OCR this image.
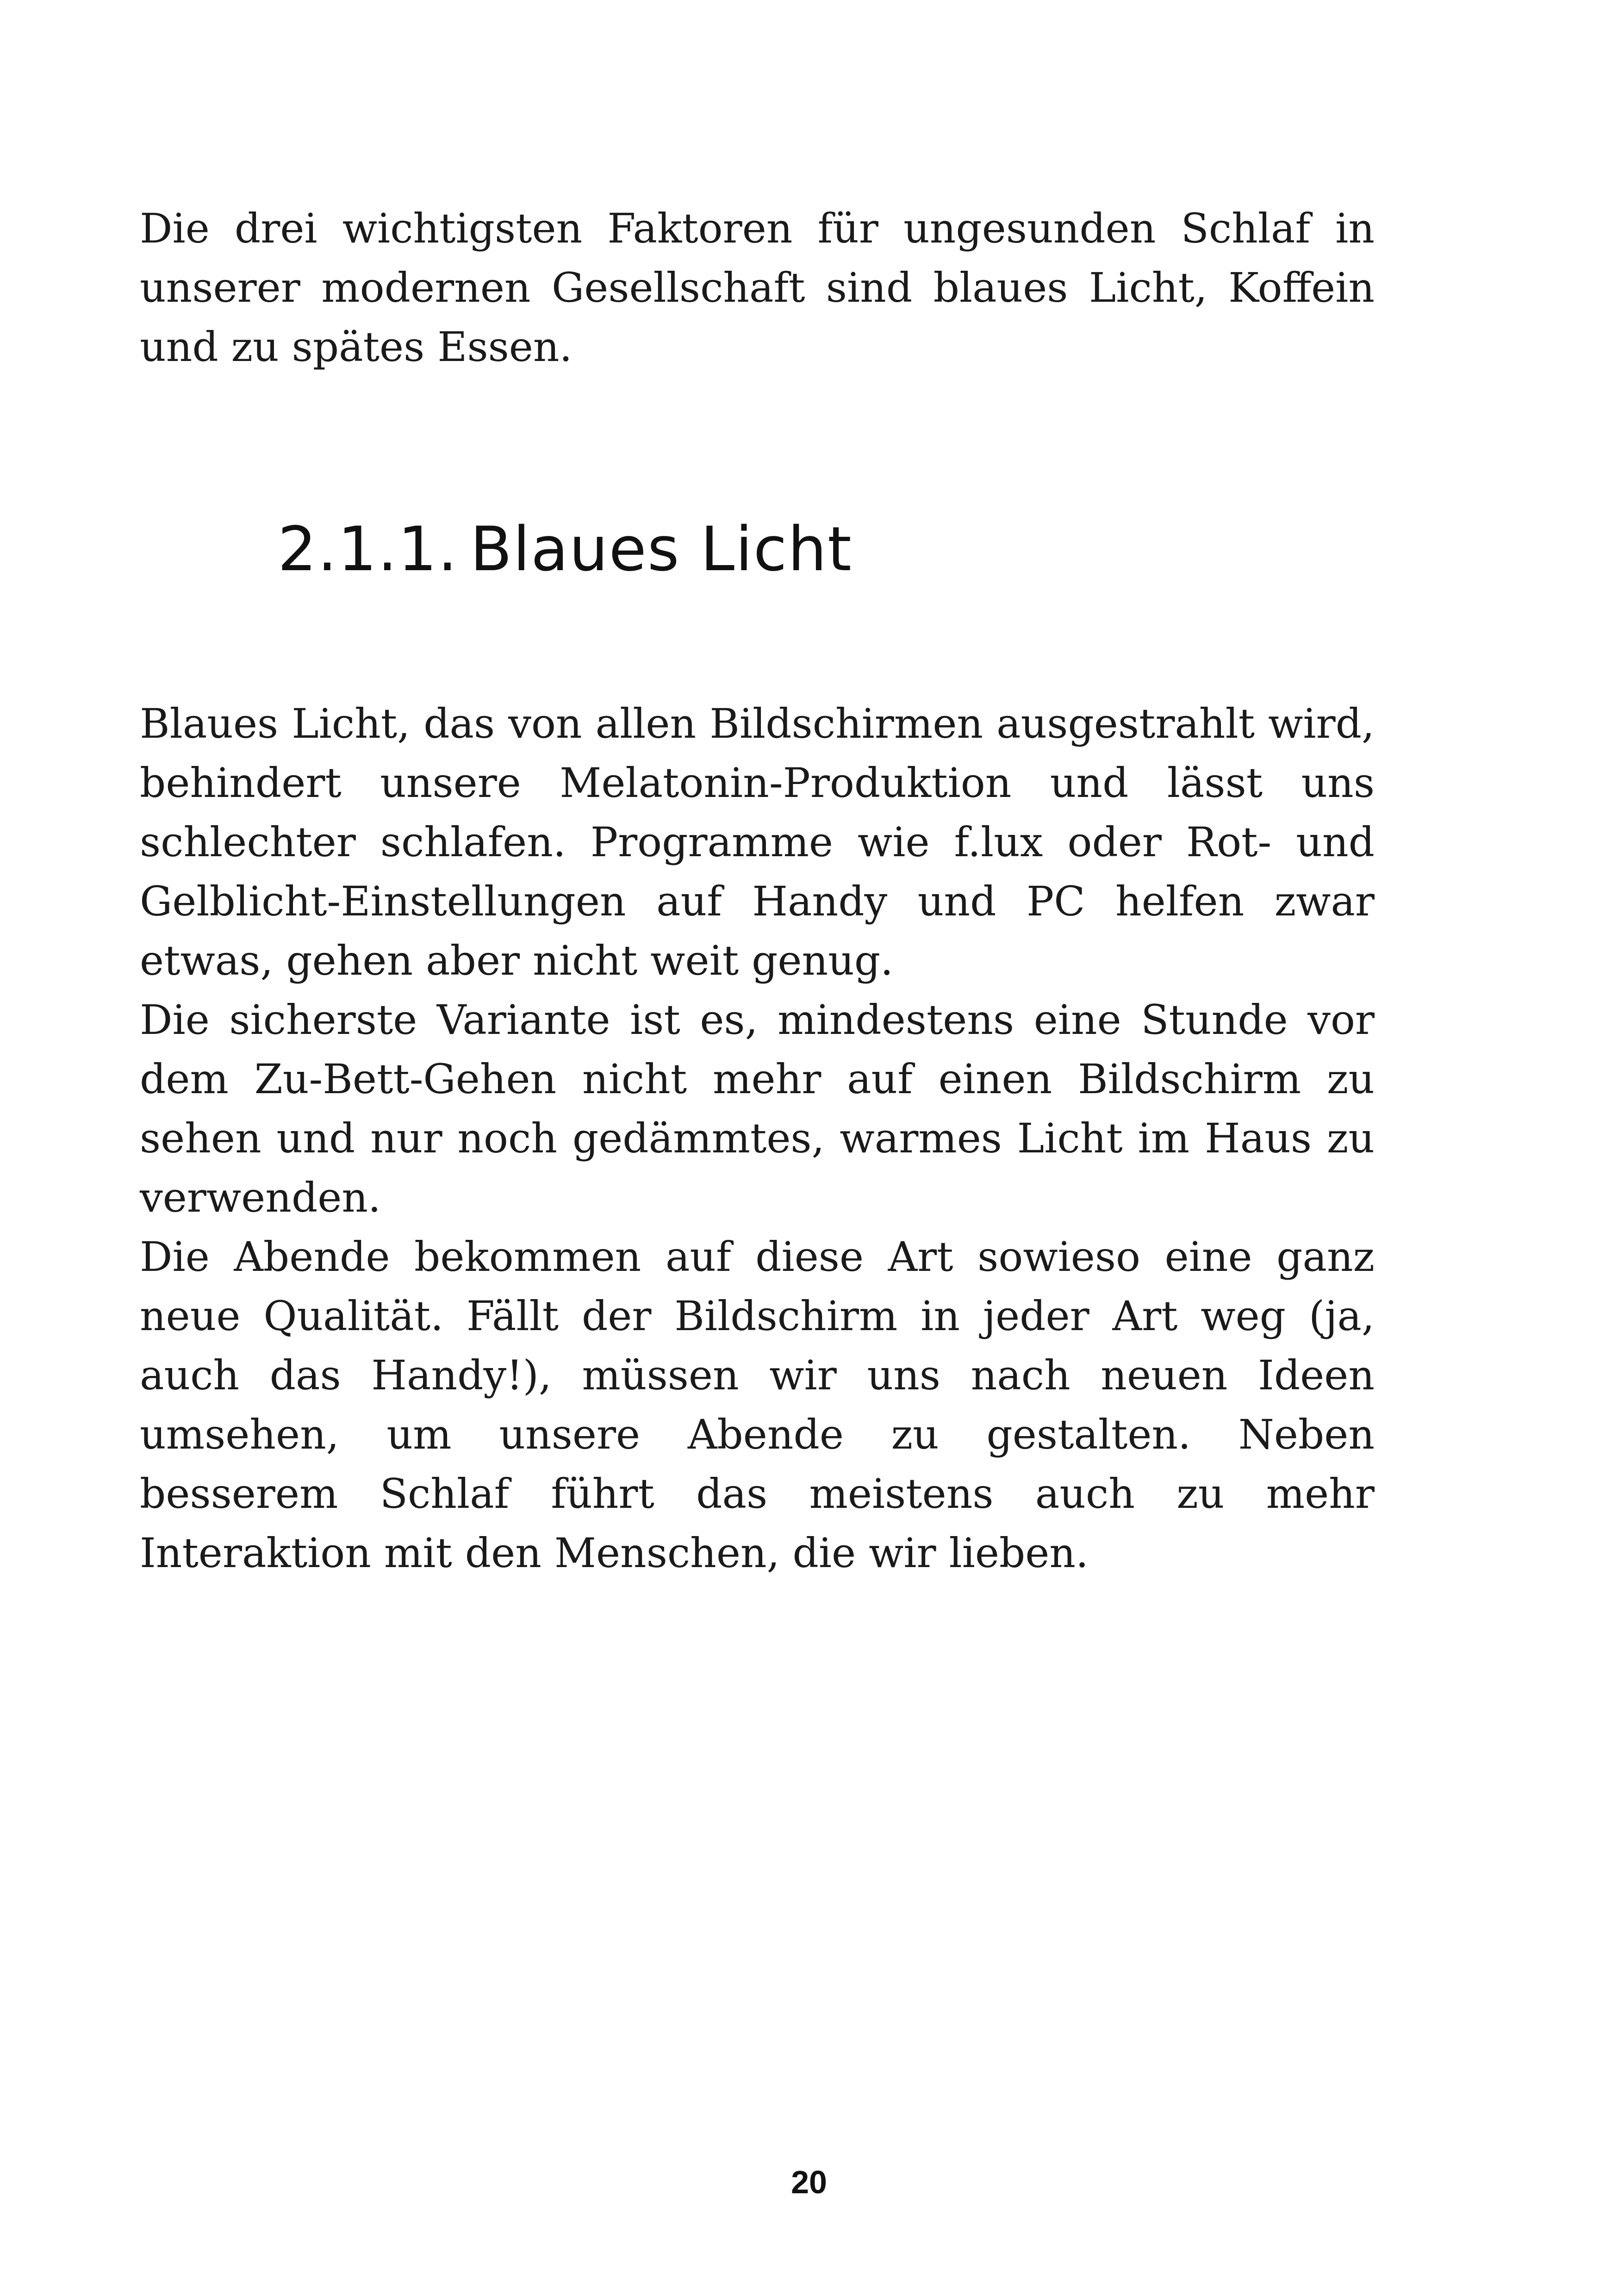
Die drei wichtigsten Faktoren für ungesunden Schlaf in unserer modernen Gesellschaft sind blaues Licht, Koffein und zu spätes Essen.

2.1.1. Blaues Licht

Blaues Licht, das von allen Bildschirmen ausgestrahlt wird, behindert unsere Melatonin-Produktion und lässt uns schlechter schlafen. Programme wie f.lux oder Rot- und Gelblicht-Einstellungen auf Handy und PC helfen zwar etwas, gehen aber nicht weit genug.

Die sicherste Variante ist es, mindestens eine Stunde vor dem Zu-Bett-Gehen nicht mehr auf einen Bildschirm zu sehen und nur noch gedämmtes, warmes Licht im Haus zu verwenden.

Die Abende bekommen auf diese Art sowieso eine ganz neue Qualität. Fällt der Bildschirm in jeder Art weg (ja, auch das Handy!), müssen wir uns nach neuen Ideen umsehen, um unsere Abende zu gestalten. Neben besserem Schlaf führt das meistens auch zu mehr Interaktion mit den Menschen, die wir lieben.

20
